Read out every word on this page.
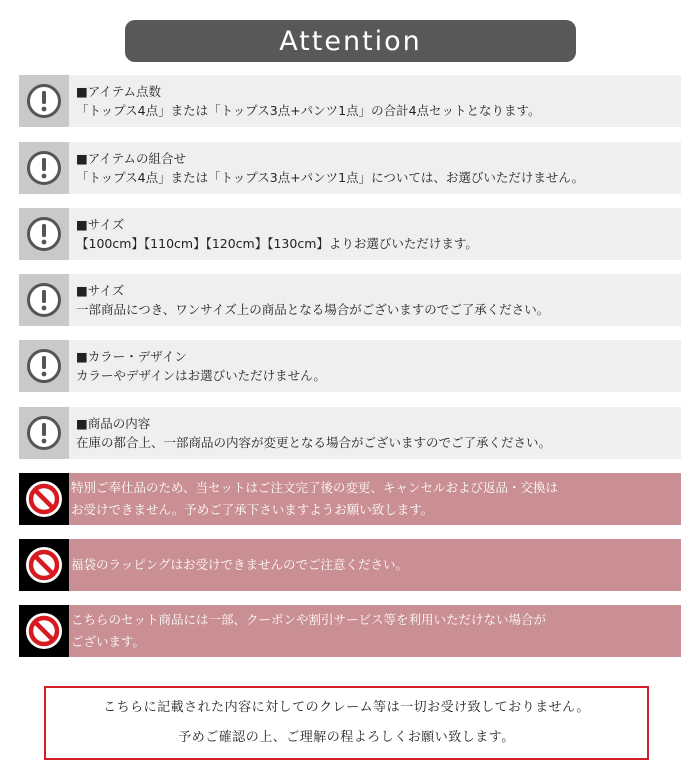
Attention
■アイテム点数
「トップス4点」または「トップス3点+パンツ1点」の合計4点セットとなります。
■アイテムの組合せ
「トップス4点」または「トップス3点+パンツ1点」については、お選びいただけません。
■サイズ
【100cm】【110cm】【120cm】【130cm】よりお選びいただけます。
■サイズ
一部商品につき、ワンサイズ上の商品となる場合がございますのでご了承ください。
■カラー・デザイン
カラーやデザインはお選びいただけません。
■商品の内容
在庫の都合上、一部商品の内容が変更となる場合がございますのでご了承ください。
特別ご奉仕品のため、当セットはご注文完了後の変更、キャンセルおよび返品・交換は
お受けできません。予めご了承下さいますようお願い致します。
福袋のラッピングはお受けできませんのでご注意ください。
こちらのセット商品には一部、クーポンや割引サービス等を利用いただけない場合が
ございます。
こちらに記載された内容に対してのクレーム等は一切お受け致しておりません。
予めご確認の上、ご理解の程よろしくお願い致します。
